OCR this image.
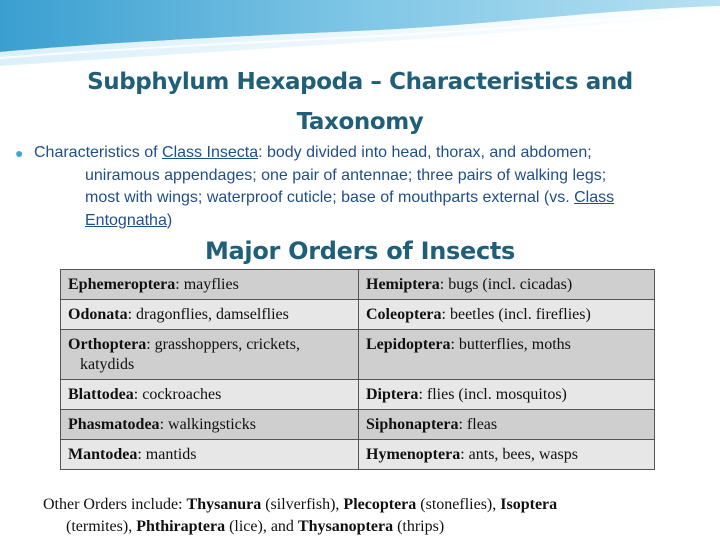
Subphylum Hexapoda – Characteristics and
Taxonomy
● Characteristics of Class Insecta: body divided into head, thorax, and abdomen;
uniramous appendages; one pair of antennae; three pairs of walking legs;
most with wings; waterproof cuticle; base of mouthparts external (vs. Class
Entognatha)
Major Orders of Insects
Ephemeroptera: mayflies	Hemiptera: bugs (incl. cicadas)
Odonata: dragonflies, damselflies	Coleoptera: beetles (incl. fireflies)
Orthoptera: grasshoppers, crickets,
katydids	Lepidoptera: butterflies, moths
Blattodea: cockroaches	Diptera: flies (incl. mosquitos)
Phasmatodea: walkingsticks	Siphonaptera: fleas
Mantodea: mantids	Hymenoptera: ants, bees, wasps
Other Orders include: Thysanura (silverfish), Plecoptera (stoneflies), Isoptera
(termites), Phthiraptera (lice), and Thysanoptera (thrips)
